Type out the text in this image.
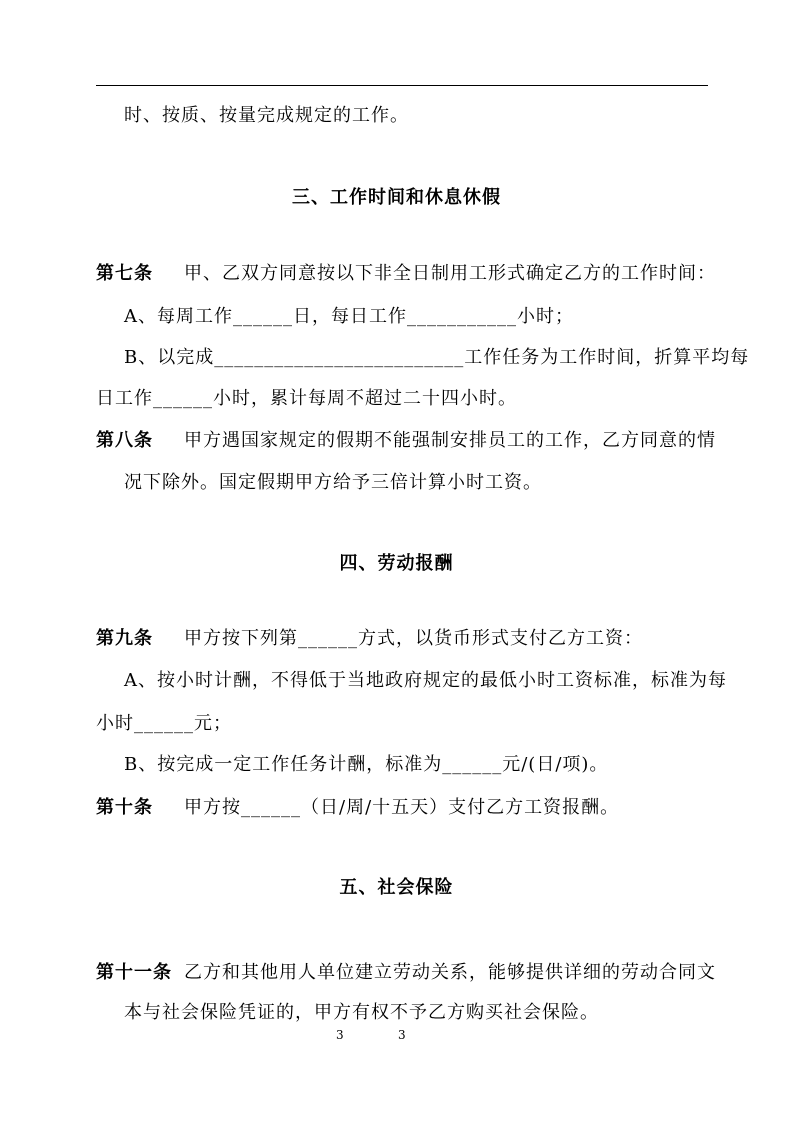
时、按质、按量完成规定的工作。
三、工作时间和休息休假
第七条 甲、乙双方同意按以下非全日制用工形式确定乙方的工作时间：
A、每周工作______日，每日工作___________小时；
B、以完成_________________________工作任务为工作时间，折算平均每
日工作______小时，累计每周不超过二十四小时。
第八条 甲方遇国家规定的假期不能强制安排员工的工作，乙方同意的情
况下除外。国定假期甲方给予三倍计算小时工资。
四、劳动报酬
第九条 甲方按下列第______方式，以货币形式支付乙方工资：
A、按小时计酬，不得低于当地政府规定的最低小时工资标准，标准为每
小时______元；
B、按完成一定工作任务计酬，标准为______元/(日/项)。
第十条 甲方按______（日/周/十五天）支付乙方工资报酬。
五、社会保险
第十一条 乙方和其他用人单位建立劳动关系，能够提供详细的劳动合同文
本与社会保险凭证的，甲方有权不予乙方购买社会保险。
3	3
